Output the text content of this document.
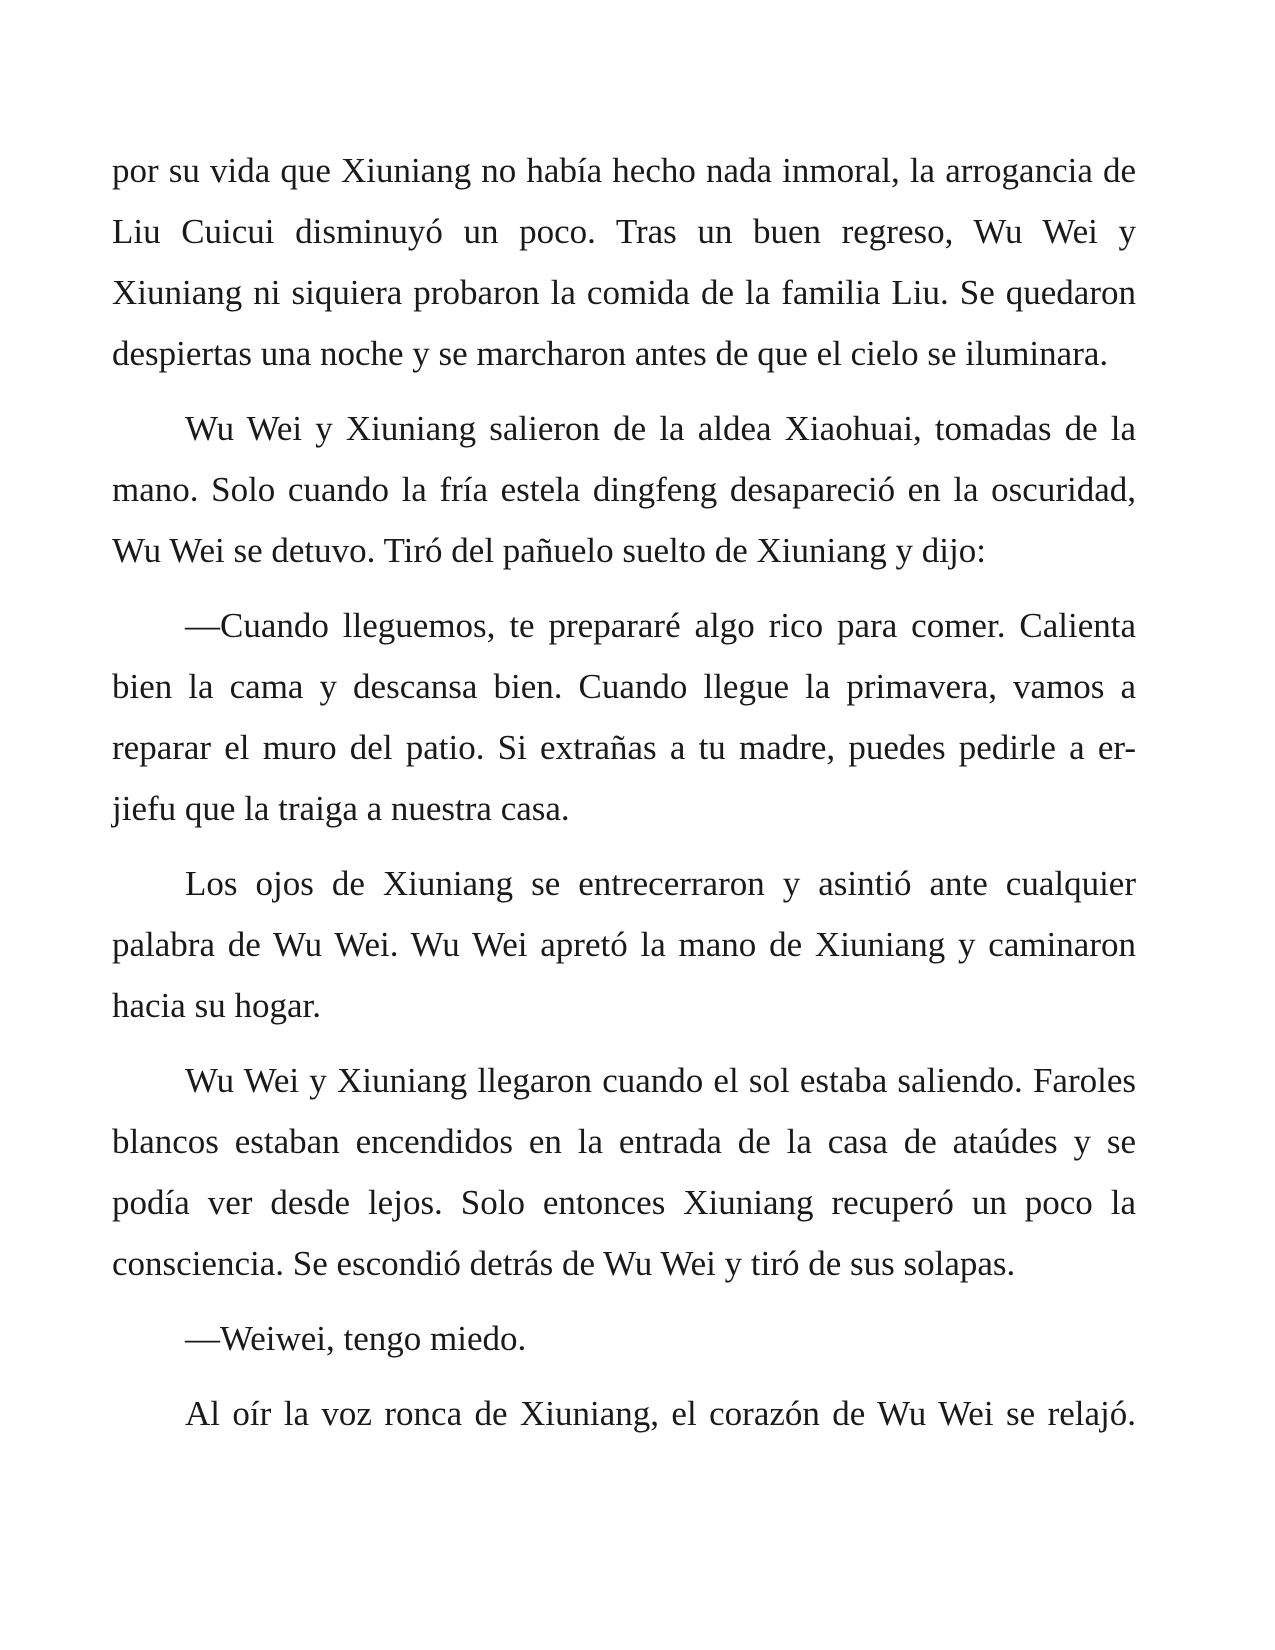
por su vida que Xiuniang no había hecho nada inmoral, la arrogancia de Liu Cuicui disminuyó un poco. Tras un buen regreso, Wu Wei y Xiuniang ni siquiera probaron la comida de la familia Liu. Se quedaron despiertas una noche y se marcharon antes de que el cielo se iluminara.

Wu Wei y Xiuniang salieron de la aldea Xiaohuai, tomadas de la mano. Solo cuando la fría estela dingfeng desapareció en la oscuridad, Wu Wei se detuvo. Tiró del pañuelo suelto de Xiuniang y dijo:

—Cuando lleguemos, te prepararé algo rico para comer. Calienta bien la cama y descansa bien. Cuando llegue la primavera, vamos a reparar el muro del patio. Si extrañas a tu madre, puedes pedirle a er-jiefu que la traiga a nuestra casa.

Los ojos de Xiuniang se entrecerraron y asintió ante cualquier palabra de Wu Wei. Wu Wei apretó la mano de Xiuniang y caminaron hacia su hogar.

Wu Wei y Xiuniang llegaron cuando el sol estaba saliendo. Faroles blancos estaban encendidos en la entrada de la casa de ataúdes y se podía ver desde lejos. Solo entonces Xiuniang recuperó un poco la consciencia. Se escondió detrás de Wu Wei y tiró de sus solapas.

—Weiwei, tengo miedo.

Al oír la voz ronca de Xiuniang, el corazón de Wu Wei se relajó.
